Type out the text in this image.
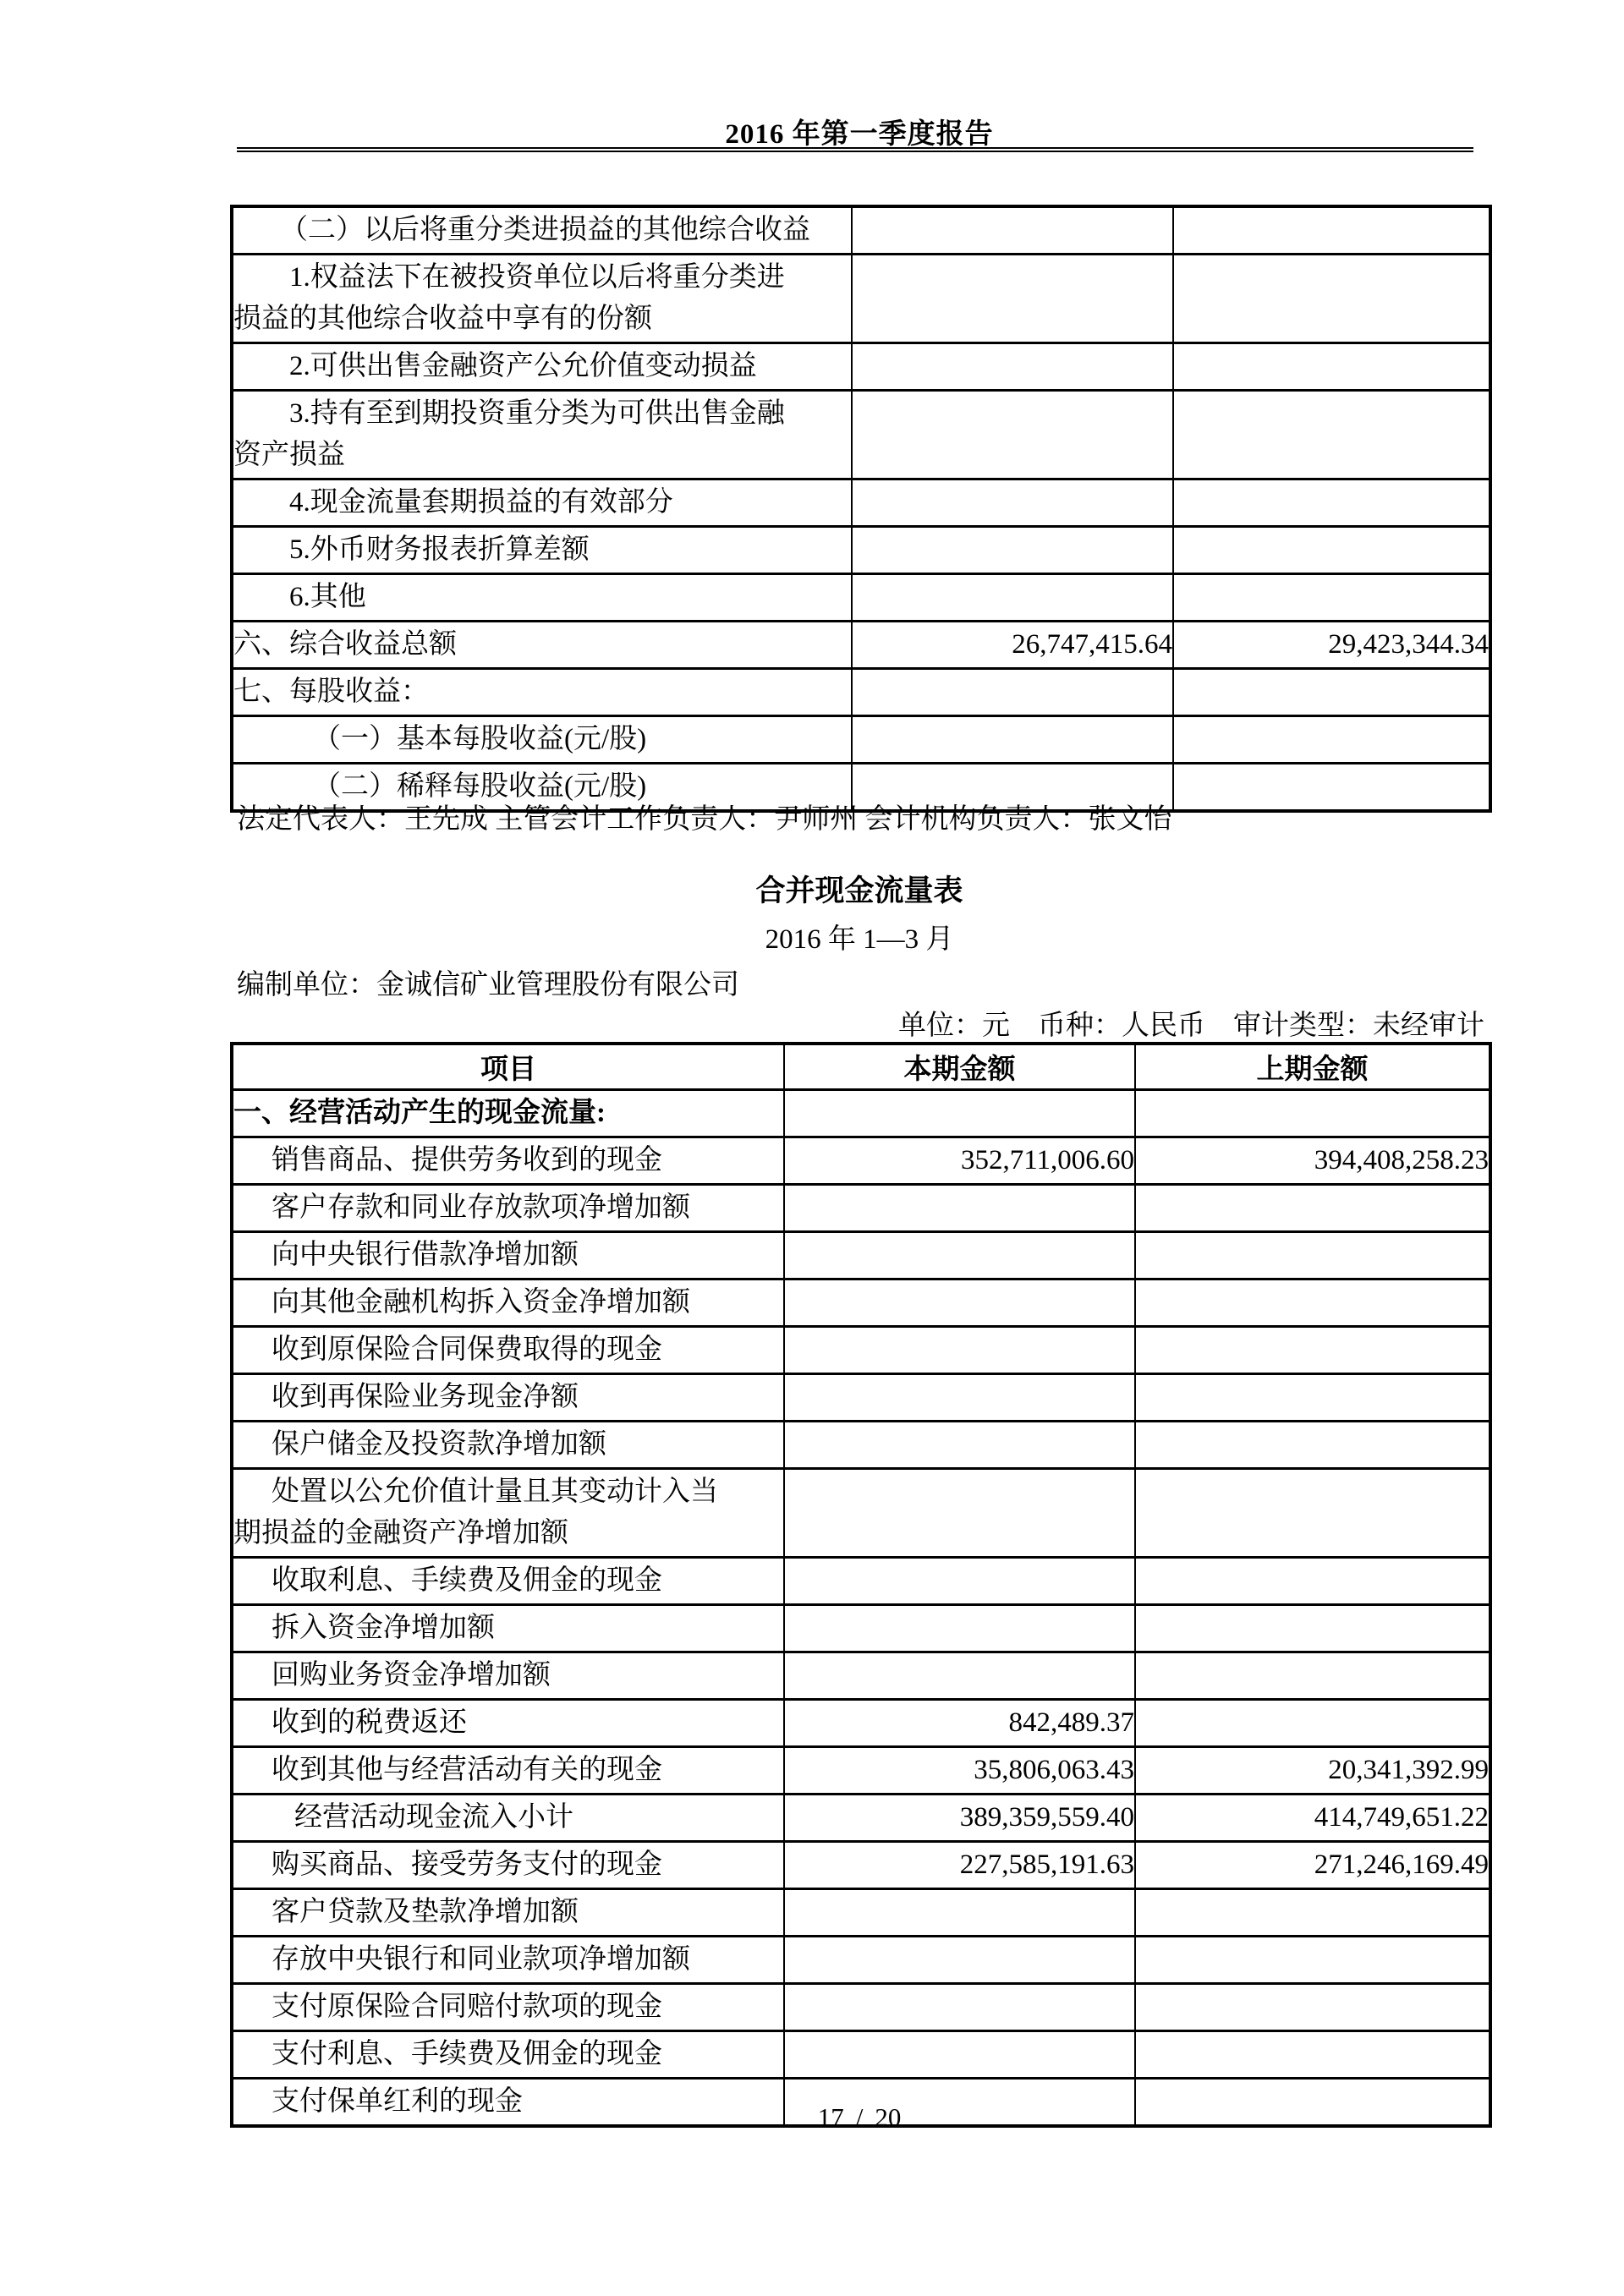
2016 年第一季度报告
（二）以后将重分类进损益的其他综合收益		

1.权益法下在被投资单位以后将重分类进
损益的其他综合收益中享有的份额		

2.可供出售金融资产公允价值变动损益		

3.持有至到期投资重分类为可供出售金融
资产损益		

4.现金流量套期损益的有效部分		

5.外币财务报表折算差额		

6.其他		

六、综合收益总额	26,747,415.64	29,423,344.34

七、每股收益：		

（一）基本每股收益(元/股)		

（二）稀释每股收益(元/股)		

法定代表人：王先成 主管会计工作负责人：尹师州 会计机构负责人：张文怡
合并现金流量表
2016 年 1—3 月
编制单位：金诚信矿业管理股份有限公司
单位：元　币种：人民币　审计类型：未经审计
项目	本期金额	上期金额

一、经营活动产生的现金流量:		

销售商品、提供劳务收到的现金	352,711,006.60	394,408,258.23

客户存款和同业存放款项净增加额		

向中央银行借款净增加额		

向其他金融机构拆入资金净增加额		

收到原保险合同保费取得的现金		

收到再保险业务现金净额		

保户储金及投资款净增加额		

处置以公允价值计量且其变动计入当
期损益的金融资产净增加额		

收取利息、手续费及佣金的现金		

拆入资金净增加额		

回购业务资金净增加额		

收到的税费返还	842,489.37	

收到其他与经营活动有关的现金	35,806,063.43	20,341,392.99

经营活动现金流入小计	389,359,559.40	414,749,651.22

购买商品、接受劳务支付的现金	227,585,191.63	271,246,169.49

客户贷款及垫款净增加额		

存放中央银行和同业款项净增加额		

支付原保险合同赔付款项的现金		

支付利息、手续费及佣金的现金		

支付保单红利的现金		

17 / 20
